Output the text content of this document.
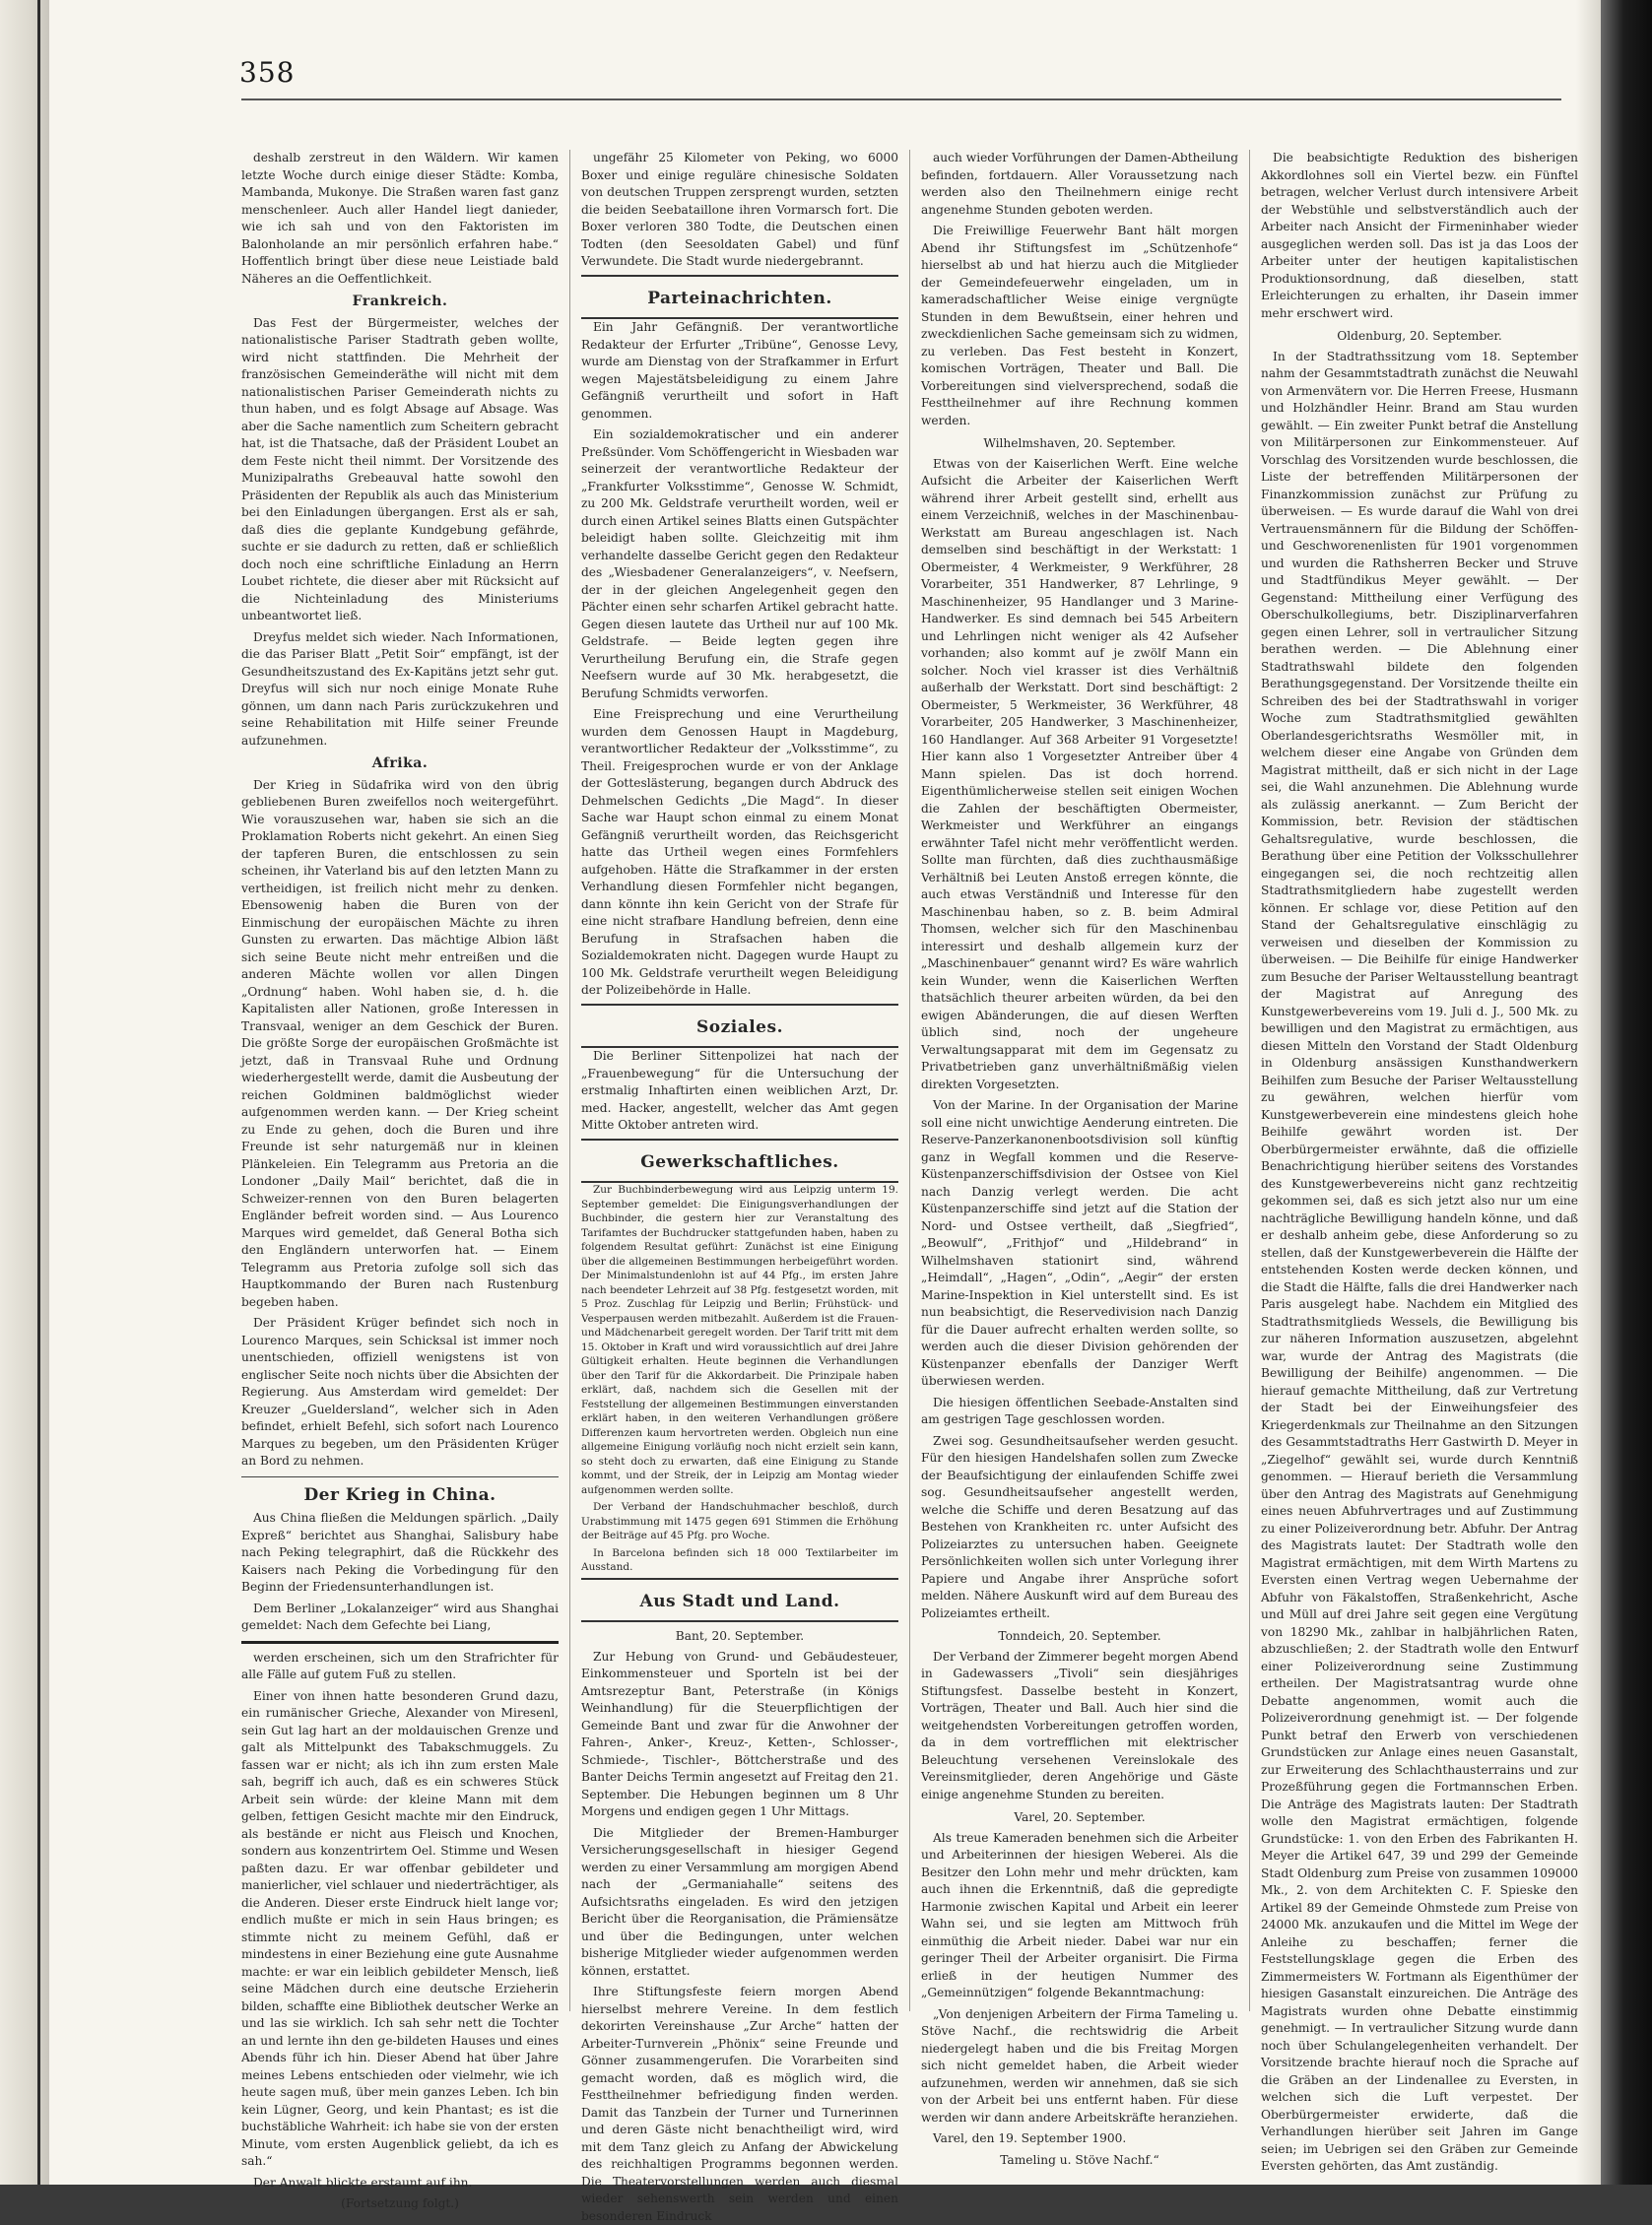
358
deshalb zerstreut in den Wäldern. Wir kamen letzte Woche durch einige dieser Städte: Komba, Mambanda, Mukonye. Die Straßen waren fast ganz menschenleer. Auch aller Handel liegt danieder, wie ich sah und von den Faktoristen im Balonholande an mir persönlich erfahren habe.“ Hoffentlich bringt über diese neue Leistiade bald Näheres an die Oeffentlichkeit.
Frankreich.
Das Fest der Bürgermeister, welches der nationalistische Pariser Stadtrath geben wollte, wird nicht stattfinden. Die Mehrheit der französischen Gemeinderäthe will nicht mit dem nationalistischen Pariser Gemeinderath nichts zu thun haben, und es folgt Absage auf Absage. Was aber die Sache namentlich zum Scheitern gebracht hat, ist die Thatsache, daß der Präsident Loubet an dem Feste nicht theil nimmt. Der Vorsitzende des Munizipalraths Grebeauval hatte sowohl den Präsidenten der Republik als auch das Ministerium bei den Einladungen übergangen. Erst als er sah, daß dies die geplante Kundgebung gefährde, suchte er sie dadurch zu retten, daß er schließlich doch noch eine schriftliche Einladung an Herrn Loubet richtete, die dieser aber mit Rücksicht auf die Nichteinladung des Ministeriums unbeantwortet ließ.
Dreyfus meldet sich wieder. Nach Informationen, die das Pariser Blatt „Petit Soir“ empfängt, ist der Gesundheitszustand des Ex-Kapitäns jetzt sehr gut. Dreyfus will sich nur noch einige Monate Ruhe gönnen, um dann nach Paris zurückzukehren und seine Rehabilitation mit Hilfe seiner Freunde aufzunehmen.
Afrika.
Der Krieg in Südafrika wird von den übrig gebliebenen Buren zweifellos noch weitergeführt. Wie vorauszusehen war, haben sie sich an die Proklamation Roberts nicht gekehrt. An einen Sieg der tapferen Buren, die entschlossen zu sein scheinen, ihr Vaterland bis auf den letzten Mann zu vertheidigen, ist freilich nicht mehr zu denken. Ebensowenig haben die Buren von der Einmischung der europäischen Mächte zu ihren Gunsten zu erwarten. Das mächtige Albion läßt sich seine Beute nicht mehr entreißen und die anderen Mächte wollen vor allen Dingen „Ordnung“ haben. Wohl haben sie, d. h. die Kapitalisten aller Nationen, große Interessen in Transvaal, weniger an dem Geschick der Buren. Die größte Sorge der europäischen Großmächte ist jetzt, daß in Transvaal Ruhe und Ordnung wiederhergestellt werde, damit die Ausbeutung der reichen Goldminen baldmöglichst wieder aufgenommen werden kann. — Der Krieg scheint zu Ende zu gehen, doch die Buren und ihre Freunde ist sehr naturgemäß nur in kleinen Plänkeleien. Ein Telegramm aus Pretoria an die Londoner „Daily Mail“ berichtet, daß die in Schweizer-rennen von den Buren belagerten Engländer befreit worden sind. — Aus Lourenco Marques wird gemeldet, daß General Botha sich den Engländern unterworfen hat. — Einem Telegramm aus Pretoria zufolge soll sich das Hauptkommando der Buren nach Rustenburg begeben haben.
Der Präsident Krüger befindet sich noch in Lourenco Marques, sein Schicksal ist immer noch unentschieden, offiziell wenigstens ist von englischer Seite noch nichts über die Absichten der Regierung. Aus Amsterdam wird gemeldet: Der Kreuzer „Gueldersland“, welcher sich in Aden befindet, erhielt Befehl, sich sofort nach Lourenco Marques zu begeben, um den Präsidenten Krüger an Bord zu nehmen.
Der Krieg in China.
Aus China fließen die Meldungen spärlich. „Daily Expreß“ berichtet aus Shanghai, Salisbury habe nach Peking telegraphirt, daß die Rückkehr des Kaisers nach Peking die Vorbedingung für den Beginn der Friedensunterhandlungen ist.
Dem Berliner „Lokalanzeiger“ wird aus Shanghai gemeldet: Nach dem Gefechte bei Liang,
werden erscheinen, sich um den Strafrichter für alle Fälle auf gutem Fuß zu stellen.
Einer von ihnen hatte besonderen Grund dazu, ein rumänischer Grieche, Alexander von Miresenl, sein Gut lag hart an der moldauischen Grenze und galt als Mittelpunkt des Tabakschmuggels. Zu fassen war er nicht; als ich ihn zum ersten Male sah, begriff ich auch, daß es ein schweres Stück Arbeit sein würde: der kleine Mann mit dem gelben, fettigen Gesicht machte mir den Eindruck, als bestände er nicht aus Fleisch und Knochen, sondern aus konzentrirtem Oel. Stimme und Wesen paßten dazu. Er war offenbar gebildeter und manierlicher, viel schlauer und niederträchtiger, als die Anderen. Dieser erste Eindruck hielt lange vor; endlich mußte er mich in sein Haus bringen; es stimmte nicht zu meinem Gefühl, daß er mindestens in einer Beziehung eine gute Ausnahme machte: er war ein leiblich gebildeter Mensch, ließ seine Mädchen durch eine deutsche Erzieherin bilden, schaffte eine Bibliothek deutscher Werke an und las sie wirklich. Ich sah sehr nett die Tochter an und lernte ihn den ge-bildeten Hauses und eines Abends führ ich hin. Dieser Abend hat über Jahre meines Lebens entschieden oder vielmehr, wie ich heute sagen muß, über mein ganzes Leben. Ich bin kein Lügner, Georg, und kein Phantast; es ist die buchstäbliche Wahrheit: ich habe sie von der ersten Minute, vom ersten Augenblick geliebt, da ich es sah.“
Der Anwalt blickte erstaunt auf ihn.
(Fortsetzung folgt.)
ungefähr 25 Kilometer von Peking, wo 6000 Boxer und einige reguläre chinesische Soldaten von deutschen Truppen zersprengt wurden, setzten die beiden Seebataillone ihren Vormarsch fort. Die Boxer verloren 380 Todte, die Deutschen einen Todten (den Seesoldaten Gabel) und fünf Verwundete. Die Stadt wurde niedergebrannt.
Parteinachrichten.
Ein Jahr Gefängniß. Der verantwortliche Redakteur der Erfurter „Tribüne“, Genosse Levy, wurde am Dienstag von der Strafkammer in Erfurt wegen Majestätsbeleidigung zu einem Jahre Gefängniß verurtheilt und sofort in Haft genommen.
Ein sozialdemokratischer und ein anderer Preßsünder. Vom Schöffengericht in Wiesbaden war seinerzeit der verantwortliche Redakteur der „Frankfurter Volksstimme“, Genosse W. Schmidt, zu 200 Mk. Geldstrafe verurtheilt worden, weil er durch einen Artikel seines Blatts einen Gutspächter beleidigt haben sollte. Gleichzeitig mit ihm verhandelte dasselbe Gericht gegen den Redakteur des „Wiesbadener Generalanzeigers“, v. Neefsern, der in der gleichen Angelegenheit gegen den Pächter einen sehr scharfen Artikel gebracht hatte. Gegen diesen lautete das Urtheil nur auf 100 Mk. Geldstrafe. — Beide legten gegen ihre Verurtheilung Berufung ein, die Strafe gegen Neefsern wurde auf 30 Mk. herabgesetzt, die Berufung Schmidts verworfen.
Eine Freisprechung und eine Verurtheilung wurden dem Genossen Haupt in Magdeburg, verantwortlicher Redakteur der „Volksstimme“, zu Theil. Freigesprochen wurde er von der Anklage der Gotteslästerung, begangen durch Abdruck des Dehmelschen Gedichts „Die Magd“. In dieser Sache war Haupt schon einmal zu einem Monat Gefängniß verurtheilt worden, das Reichsgericht hatte das Urtheil wegen eines Formfehlers aufgehoben. Hätte die Strafkammer in der ersten Verhandlung diesen Formfehler nicht begangen, dann könnte ihn kein Gericht von der Strafe für eine nicht strafbare Handlung befreien, denn eine Berufung in Strafsachen haben die Sozialdemokraten nicht. Dagegen wurde Haupt zu 100 Mk. Geldstrafe verurtheilt wegen Beleidigung der Polizeibehörde in Halle.
Soziales.
Die Berliner Sittenpolizei hat nach der „Frauenbewegung“ für die Untersuchung der erstmalig Inhaftirten einen weiblichen Arzt, Dr. med. Hacker, angestellt, welcher das Amt gegen Mitte Oktober antreten wird.
Gewerkschaftliches.
Zur Buchbinderbewegung wird aus Leipzig unterm 19. September gemeldet: Die Einigungsverhandlungen der Buchbinder, die gestern hier zur Veranstaltung des Tarifamtes der Buchdrucker stattgefunden haben, haben zu folgendem Resultat geführt: Zunächst ist eine Einigung über die allgemeinen Bestimmungen herbeigeführt worden. Der Minimalstundenlohn ist auf 44 Pfg., im ersten Jahre nach beendeter Lehrzeit auf 38 Pfg. festgesetzt worden, mit 5 Proz. Zuschlag für Leipzig und Berlin; Frühstück- und Vesperpausen werden mitbezahlt. Außerdem ist die Frauen- und Mädchenarbeit geregelt worden. Der Tarif tritt mit dem 15. Oktober in Kraft und wird voraussichtlich auf drei Jahre Gültigkeit erhalten. Heute beginnen die Verhandlungen über den Tarif für die Akkordarbeit. Die Prinzipale haben erklärt, daß, nachdem sich die Gesellen mit der Feststellung der allgemeinen Bestimmungen einverstanden erklärt haben, in den weiteren Verhandlungen größere Differenzen kaum hervortreten werden. Obgleich nun eine allgemeine Einigung vorläufig noch nicht erzielt sein kann, so steht doch zu erwarten, daß eine Einigung zu Stande kommt, und der Streik, der in Leipzig am Montag wieder aufgenommen werden sollte.
Der Verband der Handschuhmacher beschloß, durch Urabstimmung mit 1475 gegen 691 Stimmen die Erhöhung der Beiträge auf 45 Pfg. pro Woche.
In Barcelona befinden sich 18 000 Textilarbeiter im Ausstand.
Aus Stadt und Land.
Bant, 20. September.
Zur Hebung von Grund- und Gebäudesteuer, Einkommensteuer und Sporteln ist bei der Amtsrezeptur Bant, Peterstraße (in Königs Weinhandlung) für die Steuerpflichtigen der Gemeinde Bant und zwar für die Anwohner der Fahren-, Anker-, Kreuz-, Ketten-, Schlosser-, Schmiede-, Tischler-, Böttcherstraße und des Banter Deichs Termin angesetzt auf Freitag den 21. September. Die Hebungen beginnen um 8 Uhr Morgens und endigen gegen 1 Uhr Mittags.
Die Mitglieder der Bremen-Hamburger Versicherungsgesellschaft in hiesiger Gegend werden zu einer Versammlung am morgigen Abend nach der „Germaniahalle“ seitens des Aufsichtsraths eingeladen. Es wird den jetzigen Bericht über die Reorganisation, die Prämiensätze und über die Bedingungen, unter welchen bisherige Mitglieder wieder aufgenommen werden können, erstattet.
Ihre Stiftungsfeste feiern morgen Abend hierselbst mehrere Vereine. In dem festlich dekorirten Vereinshause „Zur Arche“ hatten der Arbeiter-Turnverein „Phönix“ seine Freunde und Gönner zusammengerufen. Die Vorarbeiten sind gemacht worden, daß es möglich wird, die Festtheilnehmer befriedigung finden werden. Damit das Tanzbein der Turner und Turnerinnen und deren Gäste nicht benachtheiligt wird, wird mit dem Tanz gleich zu Anfang der Abwickelung des reichhaltigen Programms begonnen werden. Die Theatervorstellungen werden auch diesmal wieder sehenswerth sein werden und einen besonderen Eindruck
auch wieder Vorführungen der Damen-Abtheilung befinden, fortdauern. Aller Voraussetzung nach werden also den Theilnehmern einige recht angenehme Stunden geboten werden.
Die Freiwillige Feuerwehr Bant hält morgen Abend ihr Stiftungsfest im „Schützenhofe“ hierselbst ab und hat hierzu auch die Mitglieder der Gemeindefeuerwehr eingeladen, um in kameradschaftlicher Weise einige vergnügte Stunden in dem Bewußtsein, einer hehren und zweckdienlichen Sache gemeinsam sich zu widmen, zu verleben. Das Fest besteht in Konzert, komischen Vorträgen, Theater und Ball. Die Vorbereitungen sind vielversprechend, sodaß die Festtheilnehmer auf ihre Rechnung kommen werden.
Wilhelmshaven, 20. September.
Etwas von der Kaiserlichen Werft. Eine welche Aufsicht die Arbeiter der Kaiserlichen Werft während ihrer Arbeit gestellt sind, erhellt aus einem Verzeichniß, welches in der Maschinenbau-Werkstatt am Bureau angeschlagen ist. Nach demselben sind beschäftigt in der Werkstatt: 1 Obermeister, 4 Werkmeister, 9 Werkführer, 28 Vorarbeiter, 351 Handwerker, 87 Lehrlinge, 9 Maschinenheizer, 95 Handlanger und 3 Marine-Handwerker. Es sind demnach bei 545 Arbeitern und Lehrlingen nicht weniger als 42 Aufseher vorhanden; also kommt auf je zwölf Mann ein solcher. Noch viel krasser ist dies Verhältniß außerhalb der Werkstatt. Dort sind beschäftigt: 2 Obermeister, 5 Werkmeister, 36 Werkführer, 48 Vorarbeiter, 205 Handwerker, 3 Maschinenheizer, 160 Handlanger. Auf 368 Arbeiter 91 Vorgesetzte! Hier kann also 1 Vorgesetzter Antreiber über 4 Mann spielen. Das ist doch horrend. Eigenthümlicherweise stellen seit einigen Wochen die Zahlen der beschäftigten Obermeister, Werkmeister und Werkführer an eingangs erwähnter Tafel nicht mehr veröffentlicht werden. Sollte man fürchten, daß dies zuchthausmäßige Verhältniß bei Leuten Anstoß erregen könnte, die auch etwas Verständniß und Interesse für den Maschinenbau haben, so z. B. beim Admiral Thomsen, welcher sich für den Maschinenbau interessirt und deshalb allgemein kurz der „Maschinenbauer“ genannt wird? Es wäre wahrlich kein Wunder, wenn die Kaiserlichen Werften thatsächlich theurer arbeiten würden, da bei den ewigen Abänderungen, die auf diesen Werften üblich sind, noch der ungeheure Verwaltungsapparat mit dem im Gegensatz zu Privatbetrieben ganz unverhältnißmäßig vielen direkten Vorgesetzten.
Von der Marine. In der Organisation der Marine soll eine nicht unwichtige Aenderung eintreten. Die Reserve-Panzerkanonenbootsdivision soll künftig ganz in Wegfall kommen und die Reserve-Küstenpanzerschiffsdivision der Ostsee von Kiel nach Danzig verlegt werden. Die acht Küstenpanzerschiffe sind jetzt auf die Station der Nord- und Ostsee vertheilt, daß „Siegfried“, „Beowulf“, „Frithjof“ und „Hildebrand“ in Wilhelmshaven stationirt sind, während „Heimdall“, „Hagen“, „Odin“, „Aegir“ der ersten Marine-Inspektion in Kiel unterstellt sind. Es ist nun beabsichtigt, die Reservedivision nach Danzig für die Dauer aufrecht erhalten werden sollte, so werden auch die dieser Division gehörenden der Küstenpanzer ebenfalls der Danziger Werft überwiesen werden.
Die hiesigen öffentlichen Seebade-Anstalten sind am gestrigen Tage geschlossen worden.
Zwei sog. Gesundheitsaufseher werden gesucht. Für den hiesigen Handelshafen sollen zum Zwecke der Beaufsichtigung der einlaufenden Schiffe zwei sog. Gesundheitsaufseher angestellt werden, welche die Schiffe und deren Besatzung auf das Bestehen von Krankheiten rc. unter Aufsicht des Polizeiarztes zu untersuchen haben. Geeignete Persönlichkeiten wollen sich unter Vorlegung ihrer Papiere und Angabe ihrer Ansprüche sofort melden. Nähere Auskunft wird auf dem Bureau des Polizeiamtes ertheilt.
Tonndeich, 20. September.
Der Verband der Zimmerer begeht morgen Abend in Gadewassers „Tivoli“ sein diesjähriges Stiftungsfest. Dasselbe besteht in Konzert, Vorträgen, Theater und Ball. Auch hier sind die weitgehendsten Vorbereitungen getroffen worden, da in dem vortrefflichen mit elektrischer Beleuchtung versehenen Vereinslokale des Vereinsmitglieder, deren Angehörige und Gäste einige angenehme Stunden zu bereiten.
Varel, 20. September.
Als treue Kameraden benehmen sich die Arbeiter und Arbeiterinnen der hiesigen Weberei. Als die Besitzer den Lohn mehr und mehr drückten, kam auch ihnen die Erkenntniß, daß die gepredigte Harmonie zwischen Kapital und Arbeit ein leerer Wahn sei, und sie legten am Mittwoch früh einmüthig die Arbeit nieder. Dabei war nur ein geringer Theil der Arbeiter organisirt. Die Firma erließ in der heutigen Nummer des „Gemeinnützigen“ folgende Bekanntmachung:
„Von denjenigen Arbeitern der Firma Tameling u. Stöve Nachf., die rechtswidrig die Arbeit niedergelegt haben und die bis Freitag Morgen sich nicht gemeldet haben, die Arbeit wieder aufzunehmen, werden wir annehmen, daß sie sich von der Arbeit bei uns entfernt haben. Für diese werden wir dann andere Arbeitskräfte heranziehen.
Varel, den 19. September 1900.
Tameling u. Stöve Nachf.“
Die beabsichtigte Reduktion des bisherigen Akkordlohnes soll ein Viertel bezw. ein Fünftel betragen, welcher Verlust durch intensivere Arbeit der Webstühle und selbstverständlich auch der Arbeiter nach Ansicht der Firmeninhaber wieder ausgeglichen werden soll. Das ist ja das Loos der Arbeiter unter der heutigen kapitalistischen Produktionsordnung, daß dieselben, statt Erleichterungen zu erhalten, ihr Dasein immer mehr erschwert wird.
Oldenburg, 20. September.
In der Stadtrathssitzung vom 18. September nahm der Gesammtstadtrath zunächst die Neuwahl von Armenvätern vor. Die Herren Freese, Husmann und Holzhändler Heinr. Brand am Stau wurden gewählt. — Ein zweiter Punkt betraf die Anstellung von Militärpersonen zur Einkommensteuer. Auf Vorschlag des Vorsitzenden wurde beschlossen, die Liste der betreffenden Militärpersonen der Finanzkommission zunächst zur Prüfung zu überweisen. — Es wurde darauf die Wahl von drei Vertrauensmännern für die Bildung der Schöffen- und Geschworenenlisten für 1901 vorgenommen und wurden die Rathsherren Becker und Struve und Stadtfündikus Meyer gewählt. — Der Gegenstand: Mittheilung einer Verfügung des Oberschulkollegiums, betr. Disziplinarverfahren gegen einen Lehrer, soll in vertraulicher Sitzung berathen werden. — Die Ablehnung einer Stadtrathswahl bildete den folgenden Berathungsgegenstand. Der Vorsitzende theilte ein Schreiben des bei der Stadtrathswahl in voriger Woche zum Stadtrathsmitglied gewählten Oberlandesgerichtsraths Wesmöller mit, in welchem dieser eine Angabe von Gründen dem Magistrat mittheilt, daß er sich nicht in der Lage sei, die Wahl anzunehmen. Die Ablehnung wurde als zulässig anerkannt. — Zum Bericht der Kommission, betr. Revision der städtischen Gehaltsregulative, wurde beschlossen, die Berathung über eine Petition der Volksschullehrer eingegangen sei, die noch rechtzeitig allen Stadtrathsmitgliedern habe zugestellt werden können. Er schlage vor, diese Petition auf den Stand der Gehaltsregulative einschlägig zu verweisen und dieselben der Kommission zu überweisen. — Die Beihilfe für einige Handwerker zum Besuche der Pariser Weltausstellung beantragt der Magistrat auf Anregung des Kunstgewerbevereins vom 19. Juli d. J., 500 Mk. zu bewilligen und den Magistrat zu ermächtigen, aus diesen Mitteln den Vorstand der Stadt Oldenburg in Oldenburg ansässigen Kunsthandwerkern Beihilfen zum Besuche der Pariser Weltausstellung zu gewähren, welchen hierfür vom Kunstgewerbeverein eine mindestens gleich hohe Beihilfe gewährt worden ist. Der Oberbürgermeister erwähnte, daß die offizielle Benachrichtigung hierüber seitens des Vorstandes des Kunstgewerbevereins nicht ganz rechtzeitig gekommen sei, daß es sich jetzt also nur um eine nachträgliche Bewilligung handeln könne, und daß er deshalb anheim gebe, diese Anforderung so zu stellen, daß der Kunstgewerbeverein die Hälfte der entstehenden Kosten werde decken können, und die Stadt die Hälfte, falls die drei Handwerker nach Paris ausgelegt habe. Nachdem ein Mitglied des Stadtrathsmitglieds Wessels, die Bewilligung bis zur näheren Information auszusetzen, abgelehnt war, wurde der Antrag des Magistrats (die Bewilligung der Beihilfe) angenommen. — Die hierauf gemachte Mittheilung, daß zur Vertretung der Stadt bei der Einweihungsfeier des Kriegerdenkmals zur Theilnahme an den Sitzungen des Gesammtstadtraths Herr Gastwirth D. Meyer in „Ziegelhof“ gewählt sei, wurde durch Kenntniß genommen. — Hierauf berieth die Versammlung über den Antrag des Magistrats auf Genehmigung eines neuen Abfuhrvertrages und auf Zustimmung zu einer Polizeiverordnung betr. Abfuhr. Der Antrag des Magistrats lautet: Der Stadtrath wolle den Magistrat ermächtigen, mit dem Wirth Martens zu Eversten einen Vertrag wegen Uebernahme der Abfuhr von Fäkalstoffen, Straßenkehricht, Asche und Müll auf drei Jahre seit gegen eine Vergütung von 18290 Mk., zahlbar in halbjährlichen Raten, abzuschließen; 2. der Stadtrath wolle den Entwurf einer Polizeiverordnung seine Zustimmung ertheilen. Der Magistratsantrag wurde ohne Debatte angenommen, womit auch die Polizeiverordnung genehmigt ist. — Der folgende Punkt betraf den Erwerb von verschiedenen Grundstücken zur Anlage eines neuen Gasanstalt, zur Erweiterung des Schlachthausterrains und zur Prozeßführung gegen die Fortmannschen Erben. Die Anträge des Magistrats lauten: Der Stadtrath wolle den Magistrat ermächtigen, folgende Grundstücke: 1. von den Erben des Fabrikanten H. Meyer die Artikel 647, 39 und 299 der Gemeinde Stadt Oldenburg zum Preise von zusammen 109000 Mk., 2. von dem Architekten C. F. Spieske den Artikel 89 der Gemeinde Ohmstede zum Preise von 24000 Mk. anzukaufen und die Mittel im Wege der Anleihe zu beschaffen; ferner die Feststellungsklage gegen die Erben des Zimmermeisters W. Fortmann als Eigenthümer der hiesigen Gasanstalt einzureichen. Die Anträge des Magistrats wurden ohne Debatte einstimmig genehmigt. — In vertraulicher Sitzung wurde dann noch über Schulangelegenheiten verhandelt. Der Vorsitzende brachte hierauf noch die Sprache auf die Gräben an der Lindenallee zu Eversten, in welchen sich die Luft verpestet. Der Oberbürgermeister erwiderte, daß die Verhandlungen hierüber seit Jahren im Gange seien; im Uebrigen sei den Gräben zur Gemeinde Eversten gehörten, das Amt zuständig.
